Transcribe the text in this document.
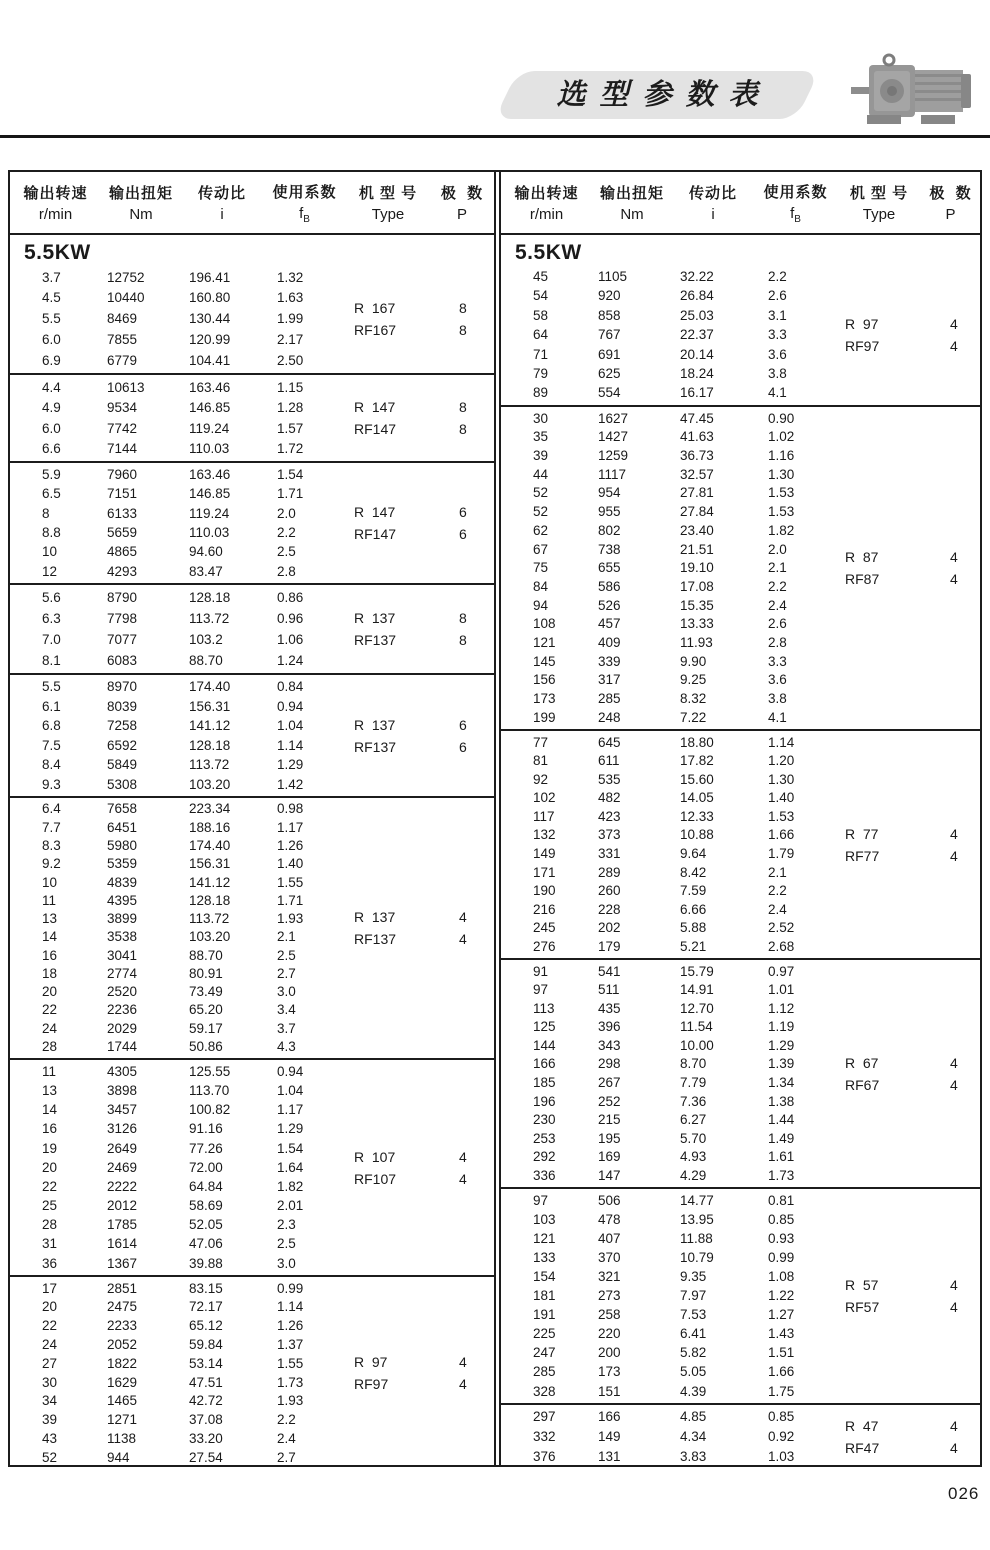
选型参数表
输出转速
r/min
输出扭矩
Nm
传动比
i
使用系数
$f_B$
机 型 号
Type
极  数
P
5.5KW
3.7	12752	196.41	1.32
4.5	10440	160.80	1.63
5.5	8469	130.44	1.99
6.0	7855	120.99	2.17
6.9	6779	104.41	2.50
R  167	8
RF167	8
4.4	10613	163.46	1.15
4.9	9534	146.85	1.28
6.0	7742	119.24	1.57
6.6	7144	110.03	1.72
R  147	8
RF147	8
5.9	7960	163.46	1.54
6.5	7151	146.85	1.71
8	6133	119.24	2.0
8.8	5659	110.03	2.2
10	4865	94.60	2.5
12	4293	83.47	2.8
R  147	6
RF147	6
5.6	8790	128.18	0.86
6.3	7798	113.72	0.96
7.0	7077	103.2	1.06
8.1	6083	88.70	1.24
R  137	8
RF137	8
5.5	8970	174.40	0.84
6.1	8039	156.31	0.94
6.8	7258	141.12	1.04
7.5	6592	128.18	1.14
8.4	5849	113.72	1.29
9.3	5308	103.20	1.42
R  137	6
RF137	6
6.4	7658	223.34	0.98
7.7	6451	188.16	1.17
8.3	5980	174.40	1.26
9.2	5359	156.31	1.40
10	4839	141.12	1.55
11	4395	128.18	1.71
13	3899	113.72	1.93
14	3538	103.20	2.1
16	3041	88.70	2.5
18	2774	80.91	2.7
20	2520	73.49	3.0
22	2236	65.20	3.4
24	2029	59.17	3.7
28	1744	50.86	4.3
R  137	4
RF137	4
11	4305	125.55	0.94
13	3898	113.70	1.04
14	3457	100.82	1.17
16	3126	91.16	1.29
19	2649	77.26	1.54
20	2469	72.00	1.64
22	2222	64.84	1.82
25	2012	58.69	2.01
28	1785	52.05	2.3
31	1614	47.06	2.5
36	1367	39.88	3.0
R  107	4
RF107	4
17	2851	83.15	0.99
20	2475	72.17	1.14
22	2233	65.12	1.26
24	2052	59.84	1.37
27	1822	53.14	1.55
30	1629	47.51	1.73
34	1465	42.72	1.93
39	1271	37.08	2.2
43	1138	33.20	2.4
52	944	27.54	2.7
R  97	4
RF97	4
输出转速
r/min
输出扭矩
Nm
传动比
i
使用系数
$f_B$
机 型 号
Type
极  数
P
5.5KW
45	1105	32.22	2.2
54	920	26.84	2.6
58	858	25.03	3.1
64	767	22.37	3.3
71	691	20.14	3.6
79	625	18.24	3.8
89	554	16.17	4.1
R  97	4
RF97	4
30	1627	47.45	0.90
35	1427	41.63	1.02
39	1259	36.73	1.16
44	1117	32.57	1.30
52	954	27.81	1.53
52	955	27.84	1.53
62	802	23.40	1.82
67	738	21.51	2.0
75	655	19.10	2.1
84	586	17.08	2.2
94	526	15.35	2.4
108	457	13.33	2.6
121	409	11.93	2.8
145	339	9.90	3.3
156	317	9.25	3.6
173	285	8.32	3.8
199	248	7.22	4.1
R  87	4
RF87	4
77	645	18.80	1.14
81	611	17.82	1.20
92	535	15.60	1.30
102	482	14.05	1.40
117	423	12.33	1.53
132	373	10.88	1.66
149	331	9.64	1.79
171	289	8.42	2.1
190	260	7.59	2.2
216	228	6.66	2.4
245	202	5.88	2.52
276	179	5.21	2.68
R  77	4
RF77	4
91	541	15.79	0.97
97	511	14.91	1.01
113	435	12.70	1.12
125	396	11.54	1.19
144	343	10.00	1.29
166	298	8.70	1.39
185	267	7.79	1.34
196	252	7.36	1.38
230	215	6.27	1.44
253	195	5.70	1.49
292	169	4.93	1.61
336	147	4.29	1.73
R  67	4
RF67	4
97	506	14.77	0.81
103	478	13.95	0.85
121	407	11.88	0.93
133	370	10.79	0.99
154	321	9.35	1.08
181	273	7.97	1.22
191	258	7.53	1.27
225	220	6.41	1.43
247	200	5.82	1.51
285	173	5.05	1.66
328	151	4.39	1.75
R  57	4
RF57	4
297	166	4.85	0.85
332	149	4.34	0.92
376	131	3.83	1.03
R  47	4
RF47	4
026
